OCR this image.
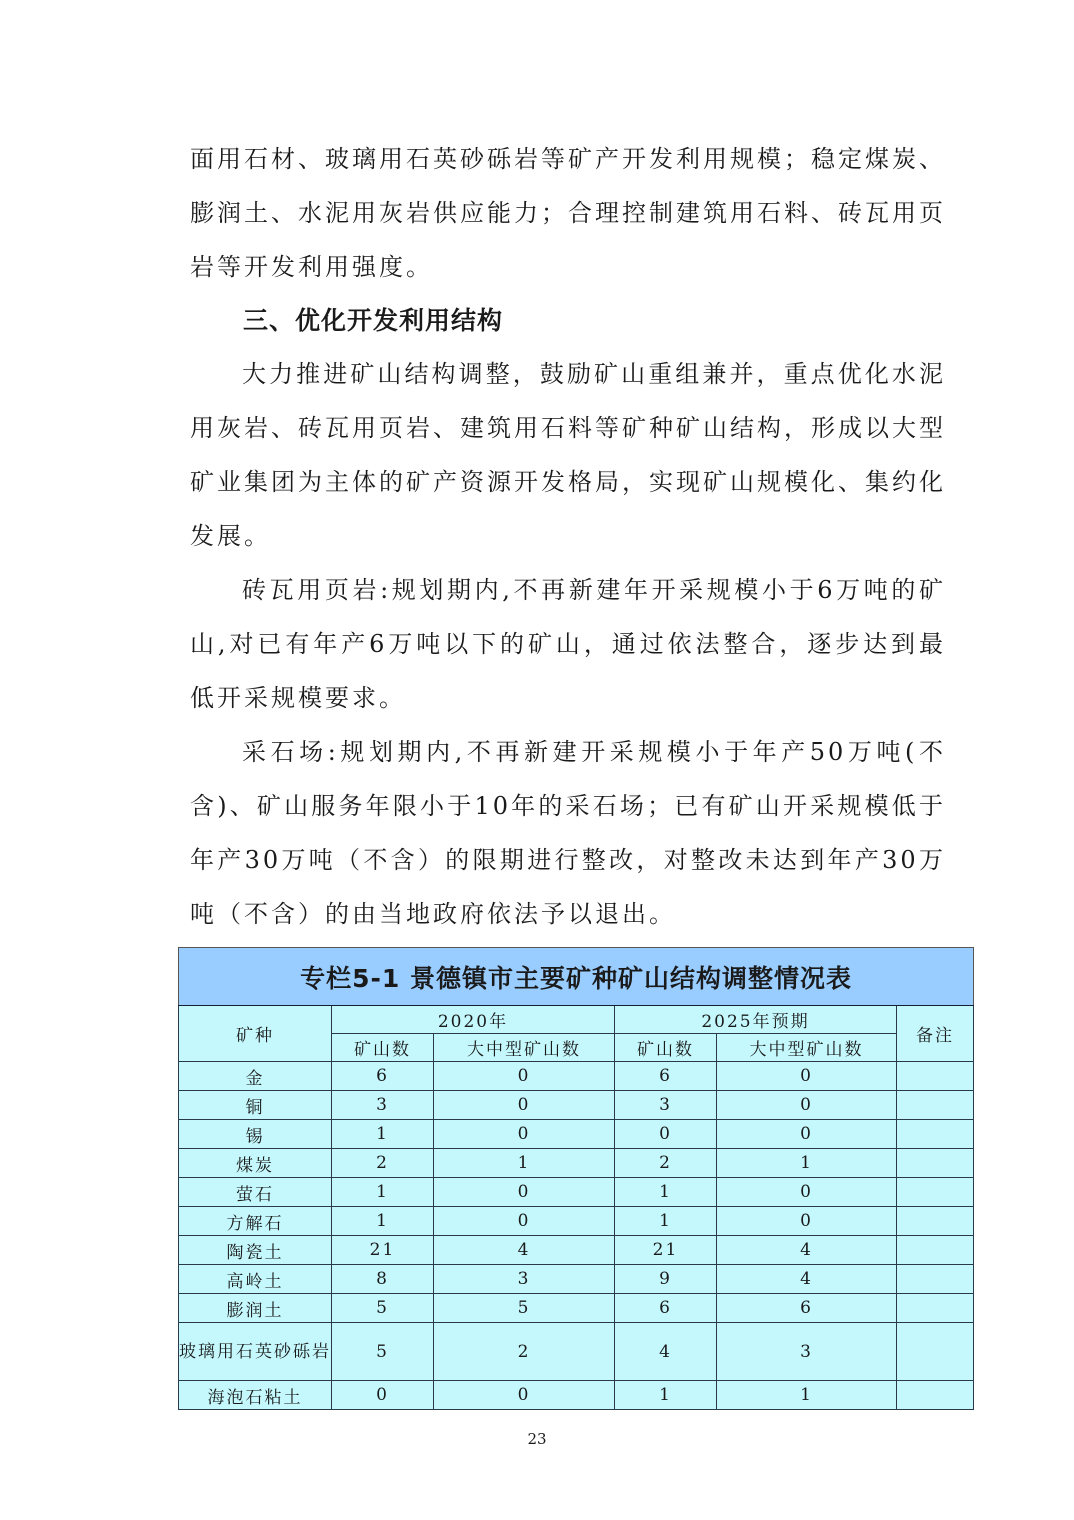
面用石材、玻璃用石英砂砾岩等矿产开发利用规模；稳定煤炭、膨润土、水泥用灰岩供应能力；合理控制建筑用石料、砖瓦用页岩等开发利用强度。

三、优化开发利用结构

大力推进矿山结构调整，鼓励矿山重组兼并，重点优化水泥用灰岩、砖瓦用页岩、建筑用石料等矿种矿山结构，形成以大型矿业集团为主体的矿产资源开发格局，实现矿山规模化、集约化发展。

砖瓦用页岩:规划期内,不再新建年开采规模小于6万吨的矿山,对已有年产6万吨以下的矿山，通过依法整合，逐步达到最低开采规模要求。

采石场:规划期内,不再新建开采规模小于年产50万吨(不含)、矿山服务年限小于10年的采石场；已有矿山开采规模低于年产30万吨（不含）的限期进行整改，对整改未达到年产30万吨（不含）的由当地政府依法予以退出。

专栏5-1 景德镇市主要矿种矿山结构调整情况表					
矿种	2020年		2025年预期		备注
	矿山数	大中型矿山数	矿山数	大中型矿山数	
金	6	0	6	0	
铜	3	0	3	0	
锡	1	0	0	0	
煤炭	2	1	2	1	
萤石	1	0	1	0	
方解石	1	0	1	0	
陶瓷土	21	4	21	4	
高岭土	8	3	9	4	
膨润土	5	5	6	6	
玻璃用石英砂砾岩	5	2	4	3	
海泡石粘土	0	0	1	1	
23
